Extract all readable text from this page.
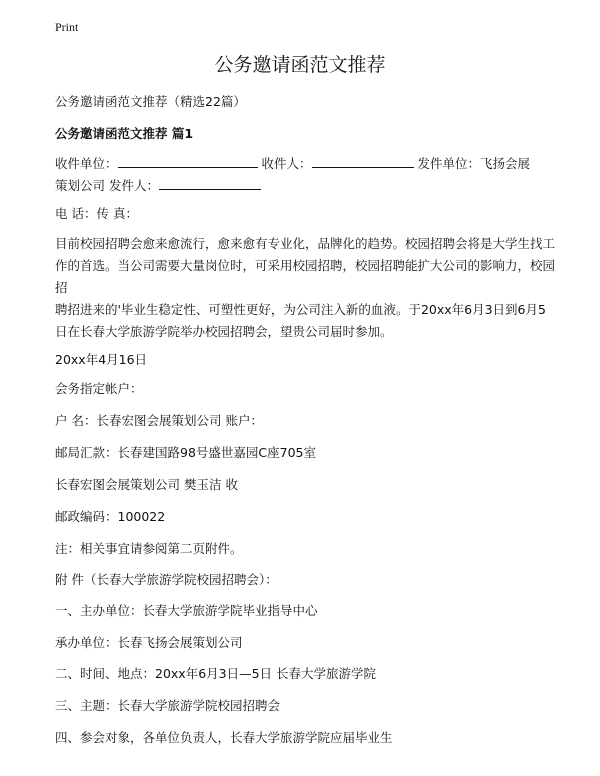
Print
公务邀请函范文推荐

公务邀请函范文推荐（精选22篇）

公务邀请函范文推荐 篇1

收件单位：	收件人：	发件单位：飞扬会展
策划公司 发件人：

电 话：传 真：

目前校园招聘会愈来愈流行，愈来愈有专业化，品牌化的趋势。校园招聘会将是大学生找工作的首选。当公司需要大量岗位时，可采用校园招聘，校园招聘能扩大公司的影响力，校园招

聘招进来的'毕业生稳定性、可塑性更好，为公司注入新的血液。于20xx年6月3日到6月5日在长春大学旅游学院举办校园招聘会，望贵公司届时参加。

20xx年4月16日

会务指定帐户：

户 名：长春宏图会展策划公司 账户：

邮局汇款：长春建国路98号盛世嘉园C座705室

长春宏图会展策划公司 樊玉洁 收

邮政编码：100022

注：相关事宜请参阅第二页附件。

附 件（长春大学旅游学院校园招聘会）：

一、主办单位：长春大学旅游学院毕业指导中心

承办单位：长春飞扬会展策划公司

二、时间、地点：20xx年6月3日—5日 长春大学旅游学院

三、主题：长春大学旅游学院校园招聘会

四、参会对象，各单位负责人，长春大学旅游学院应届毕业生
